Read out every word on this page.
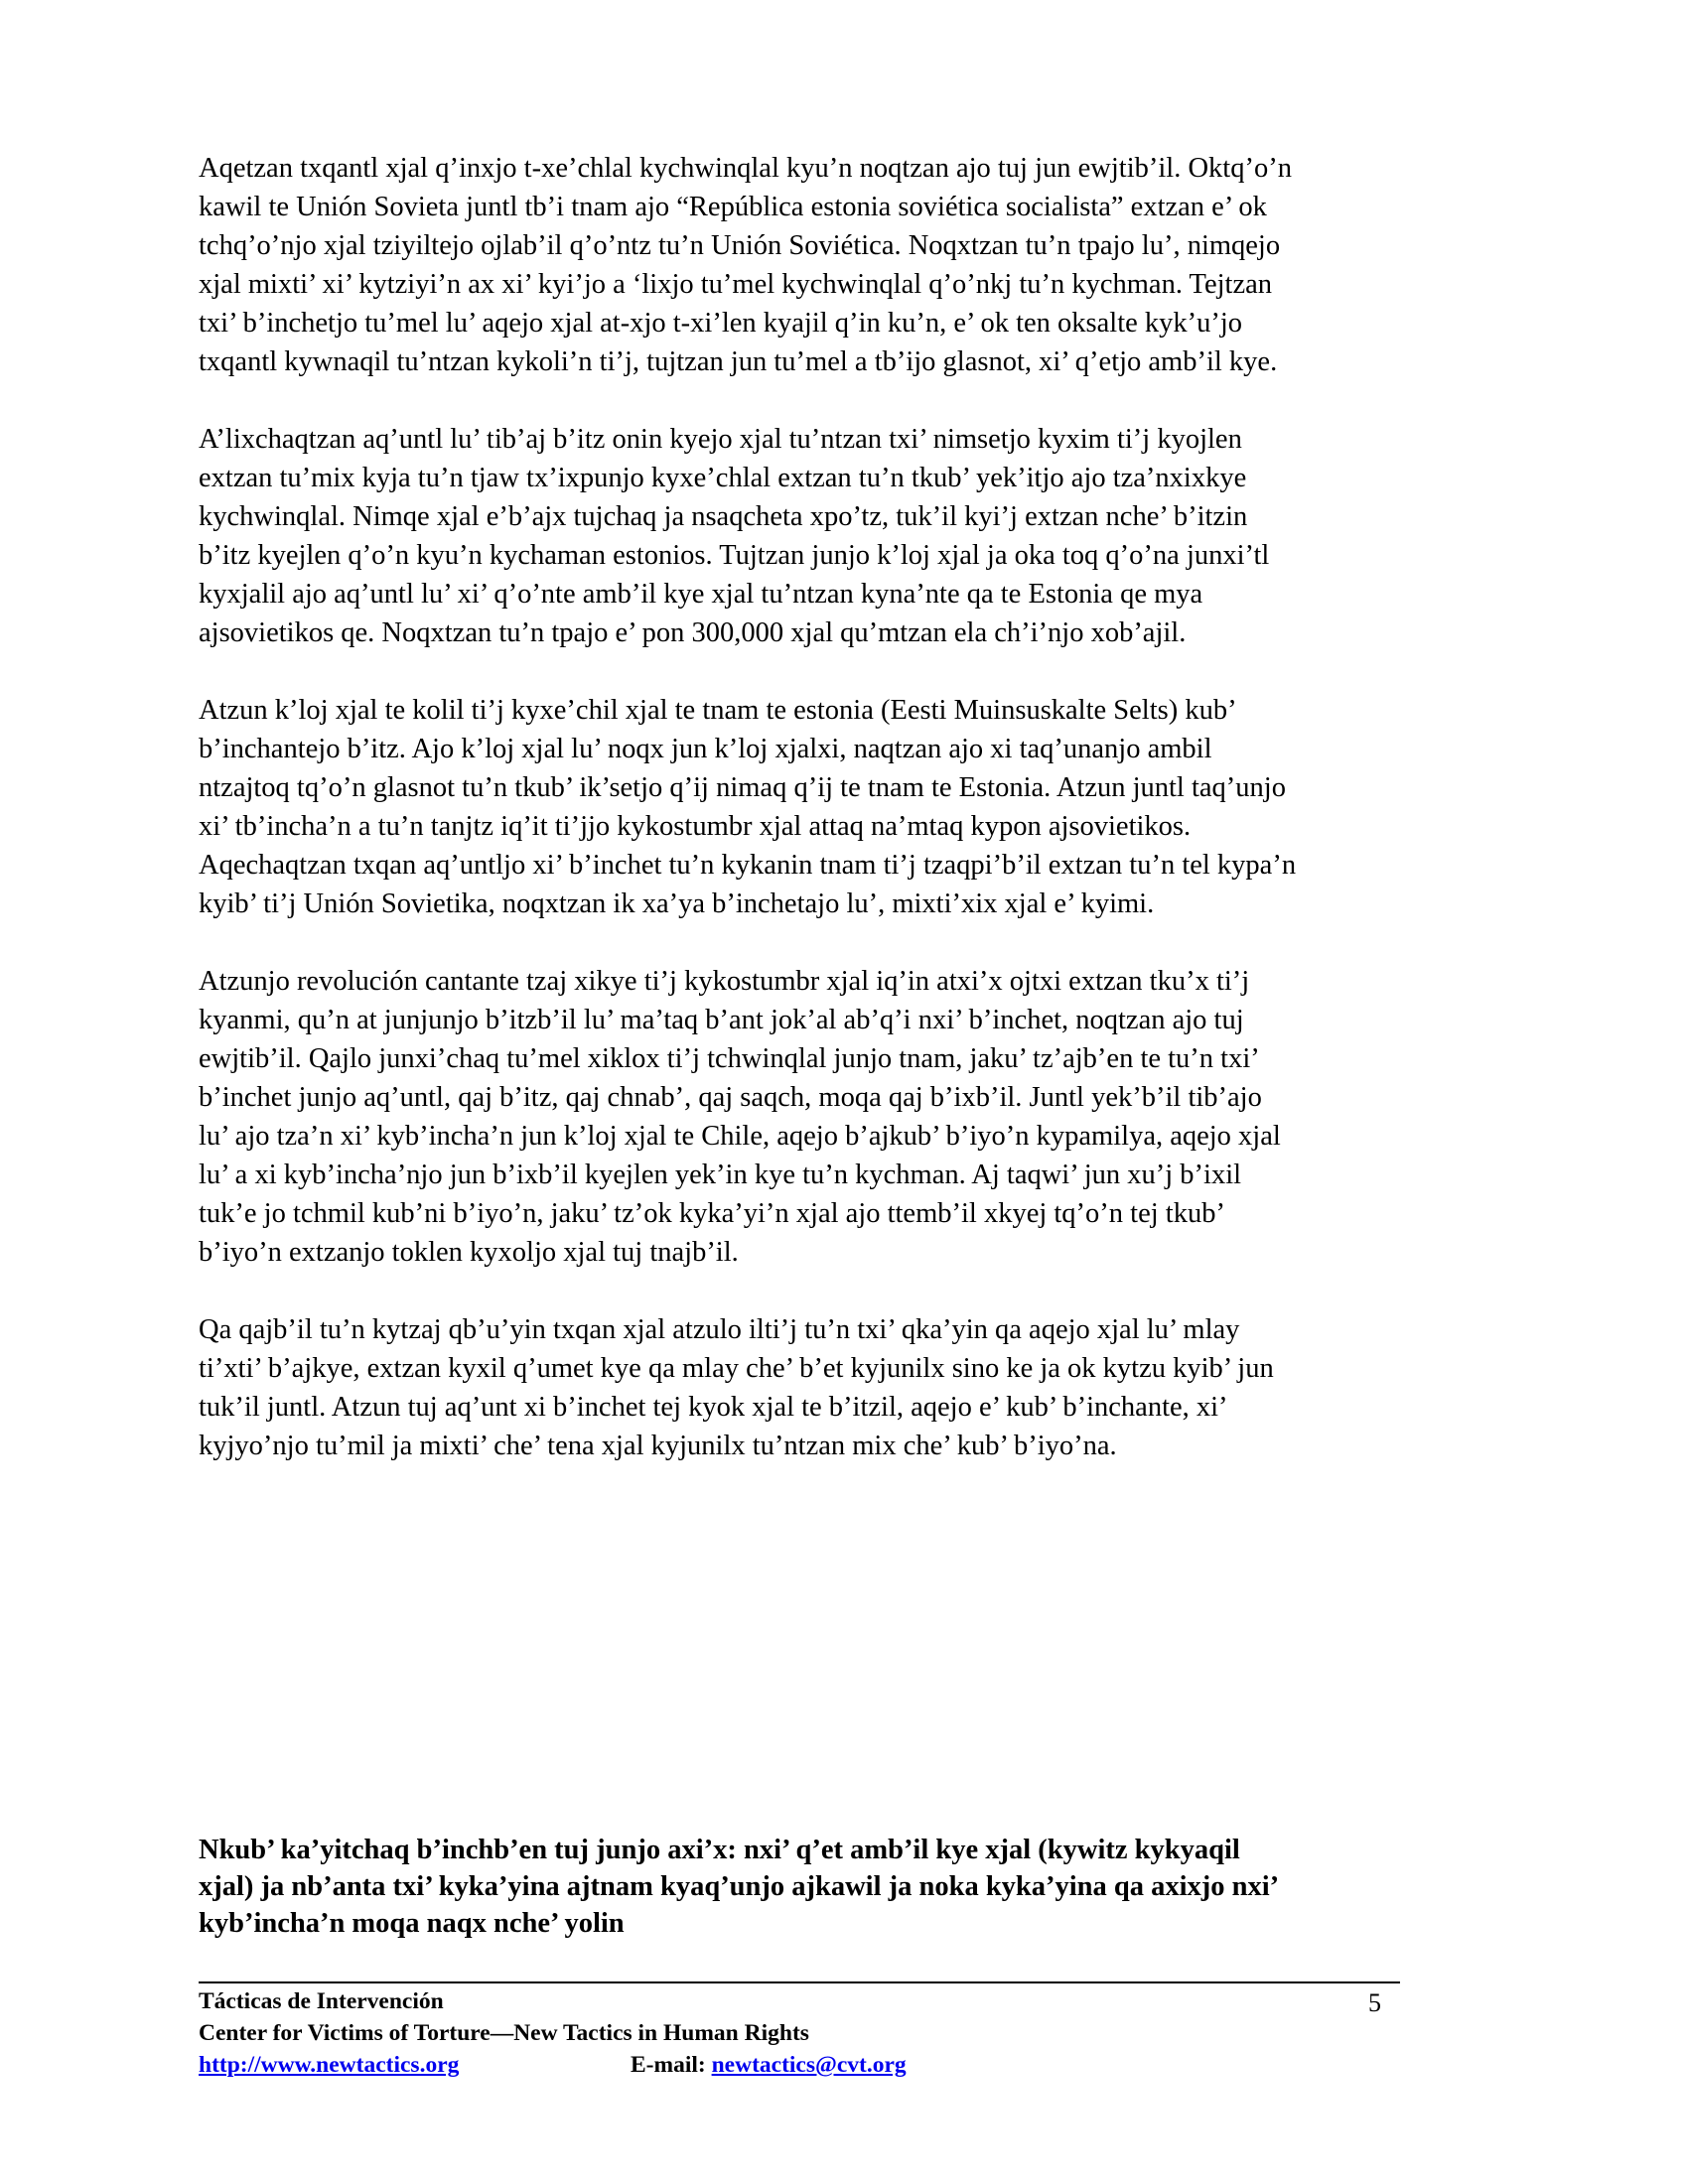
Aqetzan txqantl xjal q’inxjo t-xe’chlal kychwinqlal kyu’n noqtzan ajo tuj jun ewjtib’il. Oktq’o’n
kawil te Unión Sovieta juntl tb’i tnam ajo “República estonia soviética socialista” extzan e’ ok
tchq’o’njo xjal tziyiltejo ojlab’il q’o’ntz tu’n Unión Soviética. Noqxtzan tu’n tpajo lu’, nimqejo
xjal mixti’ xi’ kytziyi’n ax xi’ kyi’jo a ‘lixjo tu’mel kychwinqlal q’o’nkj tu’n kychman. Tejtzan
txi’ b’inchetjo tu’mel lu’ aqejo xjal at-xjo t-xi’len kyajil q’in ku’n, e’ ok ten oksalte kyk’u’jo
txqantl kywnaqil tu’ntzan kykoli’n ti’j, tujtzan jun tu’mel a tb’ijo glasnot, xi’ q’etjo amb’il kye.

A’lixchaqtzan aq’untl lu’ tib’aj b’itz onin kyejo xjal tu’ntzan txi’ nimsetjo kyxim ti’j kyojlen
extzan tu’mix kyja tu’n tjaw tx’ixpunjo kyxe’chlal extzan tu’n tkub’ yek’itjo ajo tza’nxixkye
kychwinqlal. Nimqe xjal e’b’ajx tujchaq ja nsaqcheta xpo’tz, tuk’il kyi’j extzan nche’ b’itzin
b’itz kyejlen q’o’n kyu’n kychaman estonios. Tujtzan junjo k’loj xjal ja oka toq q’o’na junxi’tl
kyxjalil ajo aq’untl lu’ xi’ q’o’nte amb’il kye xjal tu’ntzan kyna’nte qa te Estonia qe mya
ajsovietikos qe. Noqxtzan tu’n tpajo e’ pon 300,000 xjal qu’mtzan ela ch’i’njo xob’ajil.

Atzun k’loj xjal te kolil ti’j kyxe’chil xjal te tnam te estonia (Eesti Muinsuskalte Selts) kub’
b’inchantejo b’itz. Ajo k’loj xjal lu’ noqx jun k’loj xjalxi, naqtzan ajo xi taq’unanjo ambil
ntzajtoq tq’o’n glasnot tu’n tkub’ ik’setjo q’ij nimaq q’ij te tnam te Estonia. Atzun juntl taq’unjo
xi’ tb’incha’n a tu’n tanjtz iq’it ti’jjo kykostumbr xjal attaq na’mtaq kypon ajsovietikos.
Aqechaqtzan txqan aq’untljo xi’ b’inchet tu’n kykanin tnam ti’j tzaqpi’b’il extzan tu’n tel kypa’n
kyib’ ti’j Unión Sovietika, noqxtzan ik xa’ya b’inchetajo lu’, mixti’xix xjal e’ kyimi.

Atzunjo revolución cantante tzaj xikye ti’j kykostumbr xjal iq’in atxi’x ojtxi extzan tku’x ti’j
kyanmi, qu’n at junjunjo b’itzb’il lu’ ma’taq b’ant jok’al ab’q’i nxi’ b’inchet, noqtzan ajo tuj
ewjtib’il. Qajlo junxi’chaq tu’mel xiklox ti’j tchwinqlal junjo tnam, jaku’ tz’ajb’en te tu’n txi’
b’inchet junjo aq’untl, qaj b’itz, qaj chnab’, qaj saqch, moqa qaj b’ixb’il. Juntl yek’b’il tib’ajo
lu’ ajo tza’n xi’ kyb’incha’n jun k’loj xjal te Chile, aqejo b’ajkub’ b’iyo’n kypamilya, aqejo xjal
lu’ a xi kyb’incha’njo jun b’ixb’il kyejlen yek’in kye tu’n kychman. Aj taqwi’ jun xu’j b’ixil
tuk’e jo tchmil kub’ni b’iyo’n, jaku’ tz’ok kyka’yi’n xjal ajo ttemb’il xkyej tq’o’n tej tkub’
b’iyo’n extzanjo toklen kyxoljo xjal tuj tnajb’il.

Qa qajb’il tu’n kytzaj qb’u’yin txqan xjal atzulo ilti’j tu’n txi’ qka’yin qa aqejo xjal lu’ mlay
ti’xti’ b’ajkye, extzan kyxil q’umet kye qa mlay che’ b’et kyjunilx sino ke ja ok kytzu kyib’ jun
tuk’il juntl. Atzun tuj aq’unt xi b’inchet tej kyok xjal te b’itzil, aqejo e’ kub’ b’inchante, xi’
kyjyo’njo tu’mil ja mixti’ che’ tena xjal kyjunilx tu’ntzan mix che’ kub’ b’iyo’na.

Nkub’ ka’yitchaq b’inchb’en tuj junjo axi’x: nxi’ q’et amb’il kye xjal (kywitz kykyaqil
xjal) ja nb’anta txi’ kyka’yina ajtnam kyaq’unjo ajkawil ja noka kyka’yina qa axixjo nxi’
kyb’incha’n moqa naqx nche’ yolin
Tácticas de Intervención
Center for Victims of Torture—New Tactics in Human Rights
http://www.newtactics.org	E-mail: newtactics@cvt.org
5
